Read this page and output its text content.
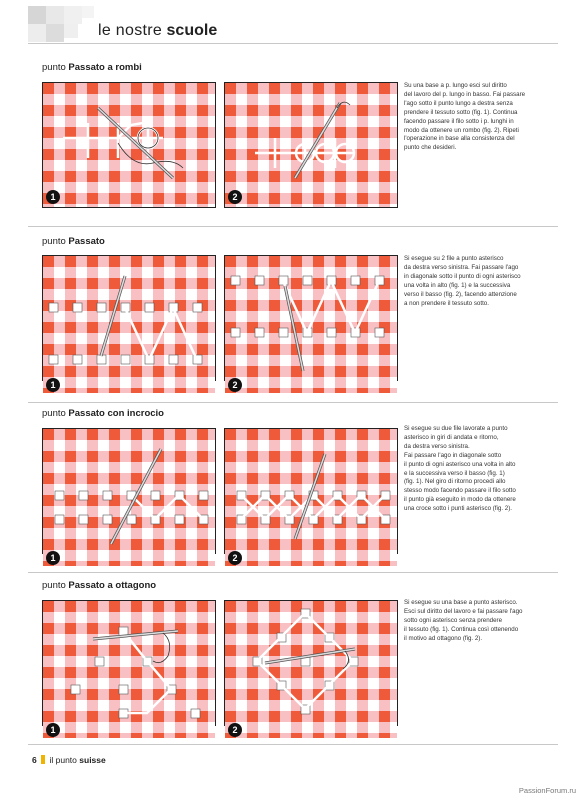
le nostre scuole
punto Passato a rombi
1	2

Su una base a p. lungo esci sul diritto

del lavoro del p. lungo in basso. Fai passare

l'ago sotto il punto lungo a destra senza

prendere il tessuto sotto (fig. 1). Continua

facendo passare il filo sotto i p. lunghi in

modo da ottenere un rombo (fig. 2). Ripeti

l'operazione in base alla consistenza del

punto che desideri.

punto Passato
1	2

Si esegue su 2 file a punto asterisco

da destra verso sinistra. Fai passare l'ago

in diagonale sotto il punto di ogni asterisco

una volta in alto (fig. 1) e la successiva

verso il basso (fig. 2), facendo attenzione

a non prendere il tessuto sotto.

punto Passato con incrocio
1	2

Si esegue su due file lavorate a punto

asterisco in giri di andata e ritorno,

da destra verso sinistra.

Fai passare l'ago in diagonale sotto

il punto di ogni asterisco una volta in alto

e la successiva verso il basso (fig. 1)

(fig. 1). Nel giro di ritorno procedi allo

stesso modo facendo passare il filo sotto

il punto già eseguito in modo da ottenere

una croce sotto i punti asterisco (fig. 2).

punto Passato a ottagono
1	2

Si esegue su una base a punto asterisco.

Esci sul diritto del lavoro e fai passare l'ago

sotto ogni asterisco senza prendere

il tessuto (fig. 1). Continua così ottenendo

il motivo ad ottagono (fig. 2).

6 il punto suisse
PassionForum.ru
